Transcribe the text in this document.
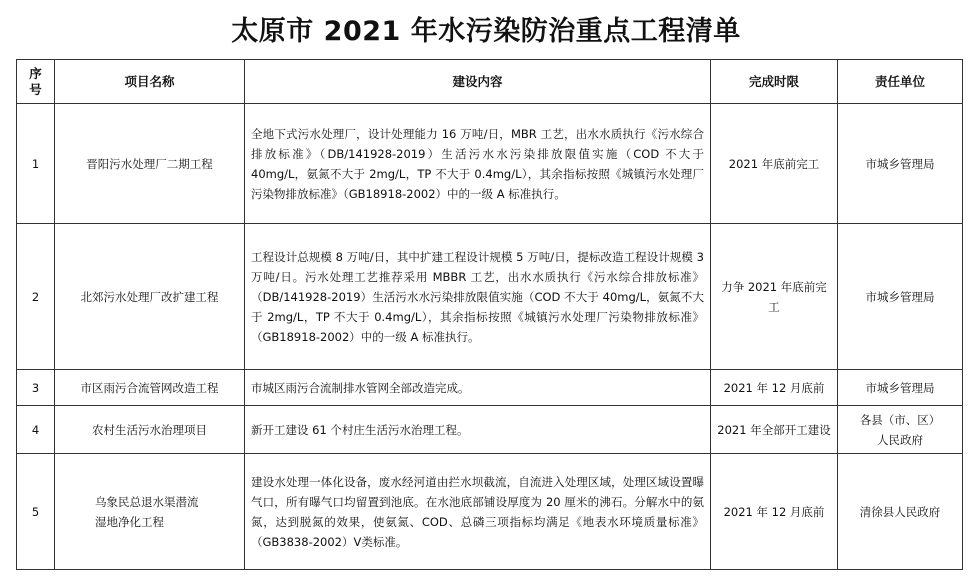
太原市 2021 年水污染防治重点工程清单
序号	项目名称	建设内容	完成时限	责任单位
1	晋阳污水处理厂二期工程	全地下式污水处理厂，设计处理能力 16 万吨/日，MBR 工艺，出水水质执行《污水综合排放标准》（DB/141928-2019）生活污水水污染排放限值实施（COD 不大于 40mg/L，氨氮不大于 2mg/L，TP 不大于 0.4mg/L），其余指标按照《城镇污水处理厂污染物排放标准》（GB18918-2002）中的一级 A 标准执行。	2021 年底前完工	市城乡管理局
2	北郊污水处理厂改扩建工程	工程设计总规模 8 万吨/日，其中扩建工程设计规模 5 万吨/日，提标改造工程设计规模 3 万吨/日。污水处理工艺推荐采用 MBBR 工艺，出水水质执行《污水综合排放标准》（DB/141928-2019）生活污水水污染排放限值实施（COD 不大于 40mg/L，氨氮不大于 2mg/L，TP 不大于 0.4mg/L），其余指标按照《城镇污水处理厂污染物排放标准》（GB18918-2002）中的一级 A 标准执行。	力争 2021 年底前完工	市城乡管理局
3	市区雨污合流管网改造工程	市城区雨污合流制排水管网全部改造完成。	2021 年 12 月底前	市城乡管理局
4	农村生活污水治理项目	新开工建设 61 个村庄生活污水治理工程。	2021 年全部开工建设	各县（市、区）人民政府
5	乌象民总退水渠潜流湿地净化工程	建设水处理一体化设备，废水经河道由拦水坝截流，自流进入处理区域，处理区域设置曝气口，所有曝气口均留置到池底。在水池底部铺设厚度为 20 厘米的沸石。分解水中的氨氮，达到脱氮的效果，使氨氮、COD、总磷三项指标均满足《地表水环境质量标准》（GB3838-2002）Ⅴ类标准。	2021 年 12 月底前	清徐县人民政府
